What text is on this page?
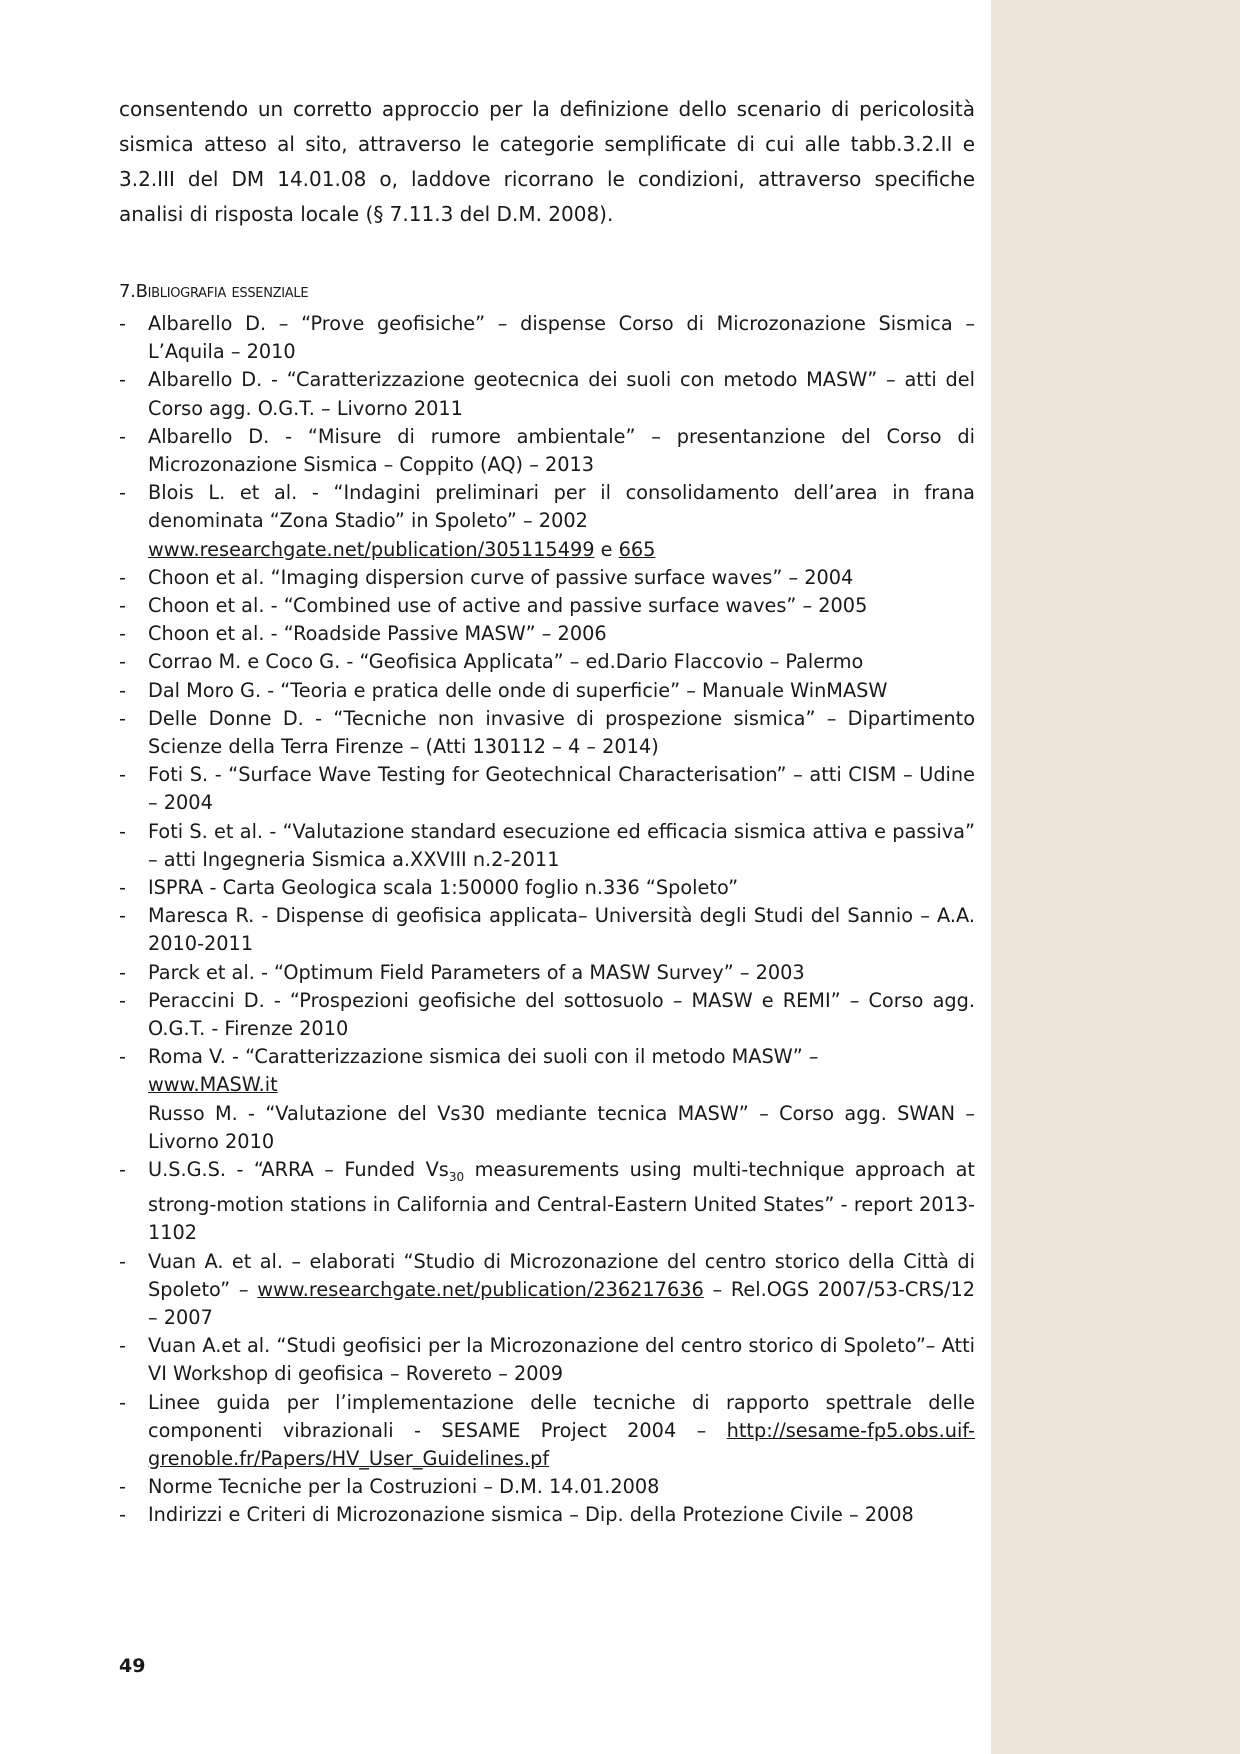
consentendo un corretto approccio per la definizione dello scenario di pericolosità sismica atteso al sito, attraverso le categorie semplificate di cui alle tabb.3.2.II e 3.2.III del DM 14.01.08 o, laddove ricorrano le condizioni, attraverso specifiche analisi di risposta locale (§ 7.11.3 del D.M. 2008).

7.Bibliografia essenziale
- Albarello D. – “Prove geofisiche” – dispense Corso di Microzonazione Sismica – L’Aquila – 2010
- Albarello D. - “Caratterizzazione geotecnica dei suoli con metodo MASW” – atti del Corso agg. O.G.T. – Livorno 2011
- Albarello D. - “Misure di rumore ambientale” – presentanzione del Corso di Microzonazione Sismica – Coppito (AQ) – 2013
- Blois L. et al. - “Indagini preliminari per il consolidamento dell’area in frana denominata “Zona Stadio” in Spoleto” – 2002
www.researchgate.net/publication/305115499 e 665
- Choon et al. “Imaging dispersion curve of passive surface waves” – 2004
- Choon et al. - “Combined use of active and passive surface waves” – 2005
- Choon et al. - “Roadside Passive MASW” – 2006
- Corrao M. e Coco G. - “Geofisica Applicata” – ed.Dario Flaccovio – Palermo
- Dal Moro G. - “Teoria e pratica delle onde di superficie” – Manuale WinMASW
- Delle Donne D. - “Tecniche non invasive di prospezione sismica” – Dipartimento Scienze della Terra Firenze – (Atti 130112 – 4 – 2014)
- Foti S. - “Surface Wave Testing for Geotechnical Characterisation” – atti CISM – Udine – 2004
- Foti S. et al. - “Valutazione standard esecuzione ed efficacia sismica attiva e passiva” – atti Ingegneria Sismica a.XXVIII n.2-2011
- ISPRA - Carta Geologica scala 1:50000 foglio n.336 “Spoleto”
- Maresca R. - Dispense di geofisica applicata– Università degli Studi del Sannio – A.A. 2010-2011
- Parck et al. - “Optimum Field Parameters of a MASW Survey” – 2003
- Peraccini D. - “Prospezioni geofisiche del sottosuolo – MASW e REMI” – Corso agg. O.G.T. - Firenze 2010
- Roma V. - “Caratterizzazione sismica dei suoli con il metodo MASW” –
www.MASW.it
Russo M. - “Valutazione del Vs30 mediante tecnica MASW” – Corso agg. SWAN – Livorno 2010
- U.S.G.S. - “ARRA – Funded $Vs_{30}$ measurements using multi-technique approach at strong-motion stations in California and Central-Eastern United States” - report 2013-1102
- Vuan A. et al. – elaborati “Studio di Microzonazione del centro storico della Città di Spoleto” – www.researchgate.net/publication/236217636 – Rel.OGS 2007/53-CRS/12 – 2007
- Vuan A.et al. “Studi geofisici per la Microzonazione del centro storico di Spoleto”– Atti VI Workshop di geofisica – Rovereto – 2009
- Linee guida per l’implementazione delle tecniche di rapporto spettrale delle componenti vibrazionali - SESAME Project 2004 – http://sesame-fp5.obs.uif-grenoble.fr/Papers/HV_User_Guidelines.pf
- Norme Tecniche per la Costruzioni – D.M. 14.01.2008
- Indirizzi e Criteri di Microzonazione sismica – Dip. della Protezione Civile – 2008
49
